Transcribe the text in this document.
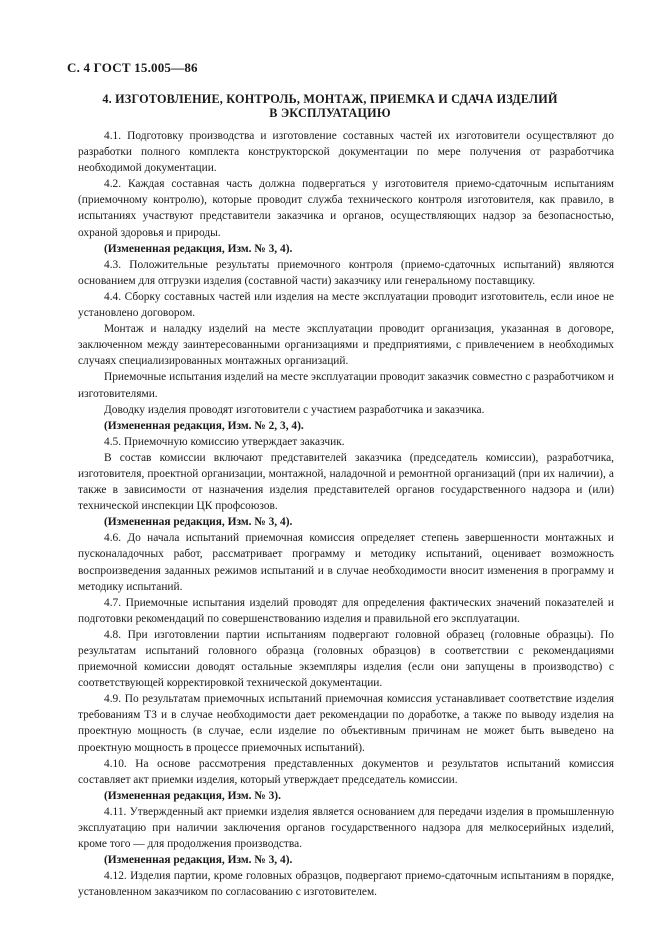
С. 4 ГОСТ 15.005—86
4. ИЗГОТОВЛЕНИЕ, КОНТРОЛЬ, МОНТАЖ, ПРИЕМКА И СДАЧА ИЗДЕЛИЙ
В ЭКСПЛУАТАЦИЮ

4.1. Подготовку производства и изготовление составных частей их изготовители осуществляют до разработки полного комплекта конструкторской документации по мере получения от разработчика необходимой документации.

4.2. Каждая составная часть должна подвергаться у изготовителя приемо-сдаточным испытаниям (приемочному контролю), которые проводит служба технического контроля изготовителя, как правило, в испытаниях участвуют представители заказчика и органов, осуществляющих надзор за безопасностью, охраной здоровья и природы.

(Измененная редакция, Изм. № 3, 4).

4.3. Положительные результаты приемочного контроля (приемо-сдаточных испытаний) являются основанием для отгрузки изделия (составной части) заказчику или генеральному поставщику.

4.4. Сборку составных частей или изделия на месте эксплуатации проводит изготовитель, если иное не установлено договором.

Монтаж и наладку изделий на месте эксплуатации проводит организация, указанная в договоре, заключенном между заинтересованными организациями и предприятиями, с привлечением в необходимых случаях специализированных монтажных организаций.

Приемочные испытания изделий на месте эксплуатации проводит заказчик совместно с разработчиком и изготовителями.

Доводку изделия проводят изготовители с участием разработчика и заказчика.

(Измененная редакция, Изм. № 2, 3, 4).

4.5. Приемочную комиссию утверждает заказчик.

В состав комиссии включают представителей заказчика (председатель комиссии), разработчика, изготовителя, проектной организации, монтажной, наладочной и ремонтной организаций (при их наличии), а также в зависимости от назначения изделия представителей органов государственного надзора и (или) технической инспекции ЦК профсоюзов.

(Измененная редакция, Изм. № 3, 4).

4.6. До начала испытаний приемочная комиссия определяет степень завершенности монтажных и пусконаладочных работ, рассматривает программу и методику испытаний, оценивает возможность воспроизведения заданных режимов испытаний и в случае необходимости вносит изменения в программу и методику испытаний.

4.7. Приемочные испытания изделий проводят для определения фактических значений показателей и подготовки рекомендаций по совершенствованию изделия и правильной его эксплуатации.

4.8. При изготовлении партии испытаниям подвергают головной образец (головные образцы). По результатам испытаний головного образца (головных образцов) в соответствии с рекомендациями приемочной комиссии доводят остальные экземпляры изделия (если они запущены в производство) с соответствующей корректировкой технической документации.

4.9. По результатам приемочных испытаний приемочная комиссия устанавливает соответствие изделия требованиям ТЗ и в случае необходимости дает рекомендации по доработке, а также по выводу изделия на проектную мощность (в случае, если изделие по объективным причинам не может быть выведено на проектную мощность в процессе приемочных испытаний).

4.10. На основе рассмотрения представленных документов и результатов испытаний комиссия составляет акт приемки изделия, который утверждает председатель комиссии.

(Измененная редакция, Изм. № 3).

4.11. Утвержденный акт приемки изделия является основанием для передачи изделия в промышленную эксплуатацию при наличии заключения органов государственного надзора для мелкосерийных изделий, кроме того — для продолжения производства.

(Измененная редакция, Изм. № 3, 4).

4.12. Изделия партии, кроме головных образцов, подвергают приемо-сдаточным испытаниям в порядке, установленном заказчиком по согласованию с изготовителем.
